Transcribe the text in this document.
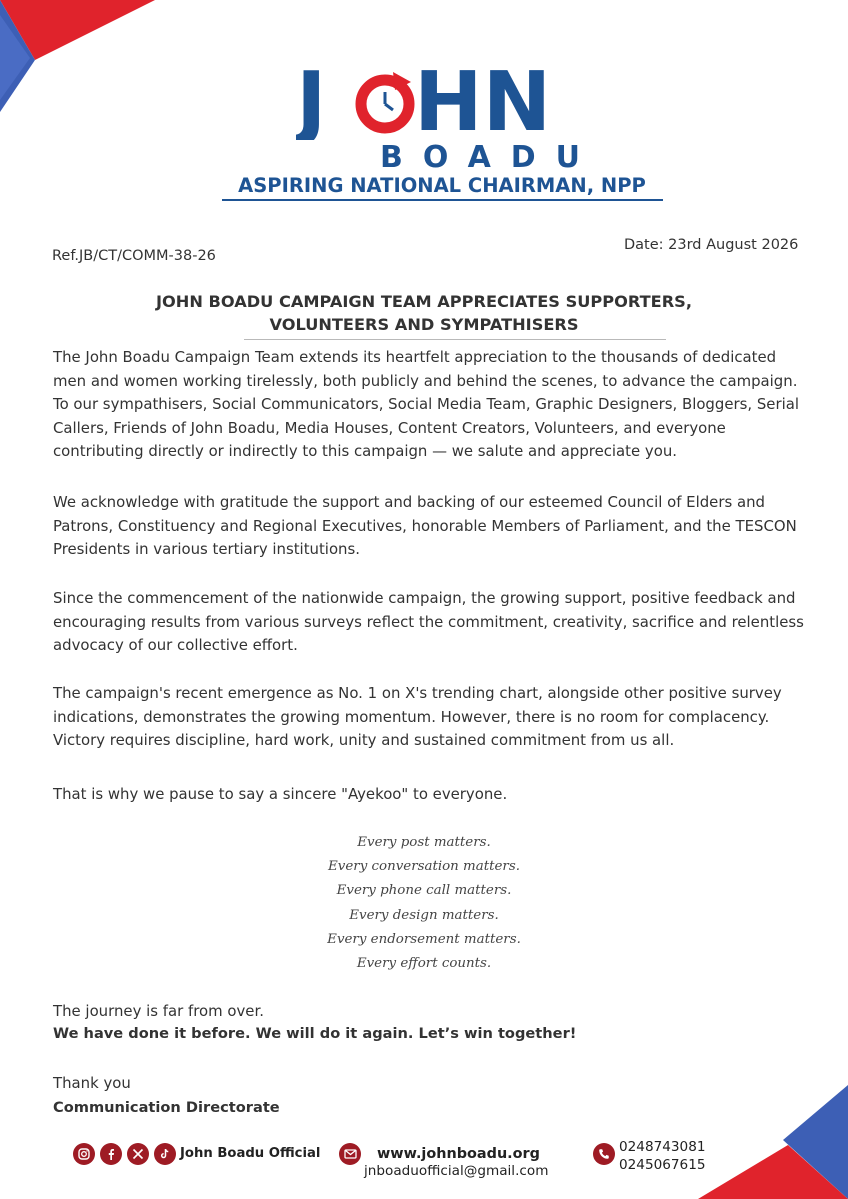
J HN
BOADU
ASPIRING NATIONAL CHAIRMAN, NPP
Ref.JB/CT/COMM-38-26
Date: 23rd August 2026
JOHN BOADU CAMPAIGN TEAM APPRECIATES SUPPORTERS,
VOLUNTEERS AND SYMPATHISERS
The John Boadu Campaign Team extends its heartfelt appreciation to the thousands of dedicated
men and women working tirelessly, both publicly and behind the scenes, to advance the campaign.
To our sympathisers, Social Communicators, Social Media Team, Graphic Designers, Bloggers, Serial
Callers, Friends of John Boadu, Media Houses, Content Creators, Volunteers, and everyone
contributing directly or indirectly to this campaign — we salute and appreciate you.
We acknowledge with gratitude the support and backing of our esteemed Council of Elders and
Patrons, Constituency and Regional Executives, honorable Members of Parliament, and the TESCON
Presidents in various tertiary institutions.
Since the commencement of the nationwide campaign, the growing support, positive feedback and
encouraging results from various surveys reflect the commitment, creativity, sacrifice and relentless
advocacy of our collective effort.
The campaign's recent emergence as No. 1 on X's trending chart, alongside other positive survey
indications, demonstrates the growing momentum. However, there is no room for complacency.
Victory requires discipline, hard work, unity and sustained commitment from us all.
That is why we pause to say a sincere "Ayekoo" to everyone.
Every post matters.
Every conversation matters.
Every phone call matters.
Every design matters.
Every endorsement matters.
Every effort counts.
The journey is far from over.
We have done it before. We will do it again. Let’s win together!
Thank you
Communication Directorate
John Boadu Official	www.johnboadu.org
jnboaduofficial@gmail.com
0248743081
0245067615
